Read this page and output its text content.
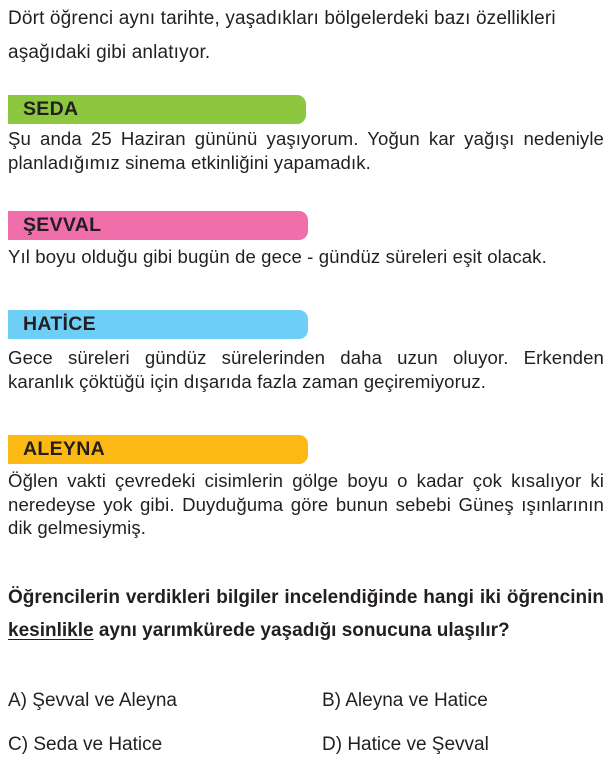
Dört öğrenci aynı tarihte, yaşadıkları bölgelerdeki bazı özellikleri aşağıdaki gibi anlatıyor.
SEDA
Şu anda 25 Haziran gününü yaşıyorum. Yoğun kar yağışı nedeniyle planladığımız sinema etkinliğini yapamadık.
ŞEVVAL
Yıl boyu olduğu gibi bugün de gece - gündüz süreleri eşit olacak.
HATİCE
Gece süreleri gündüz sürelerinden daha uzun oluyor. Erkenden karanlık çöktüğü için dışarıda fazla zaman geçiremiyoruz.
ALEYNA
Öğlen vakti çevredeki cisimlerin gölge boyu o kadar çok kısalıyor ki neredeyse yok gibi. Duyduğuma göre bunun sebebi Güneş ışınlarının dik gelmesiymiş.
Öğrencilerin verdikleri bilgiler incelendiğinde hangi iki öğrencinin kesinlikle aynı yarımkürede yaşadığı sonucuna ulaşılır?
A) Şevval ve Aleyna	B) Aleyna ve Hatice
C) Seda ve Hatice	D) Hatice ve Şevval
